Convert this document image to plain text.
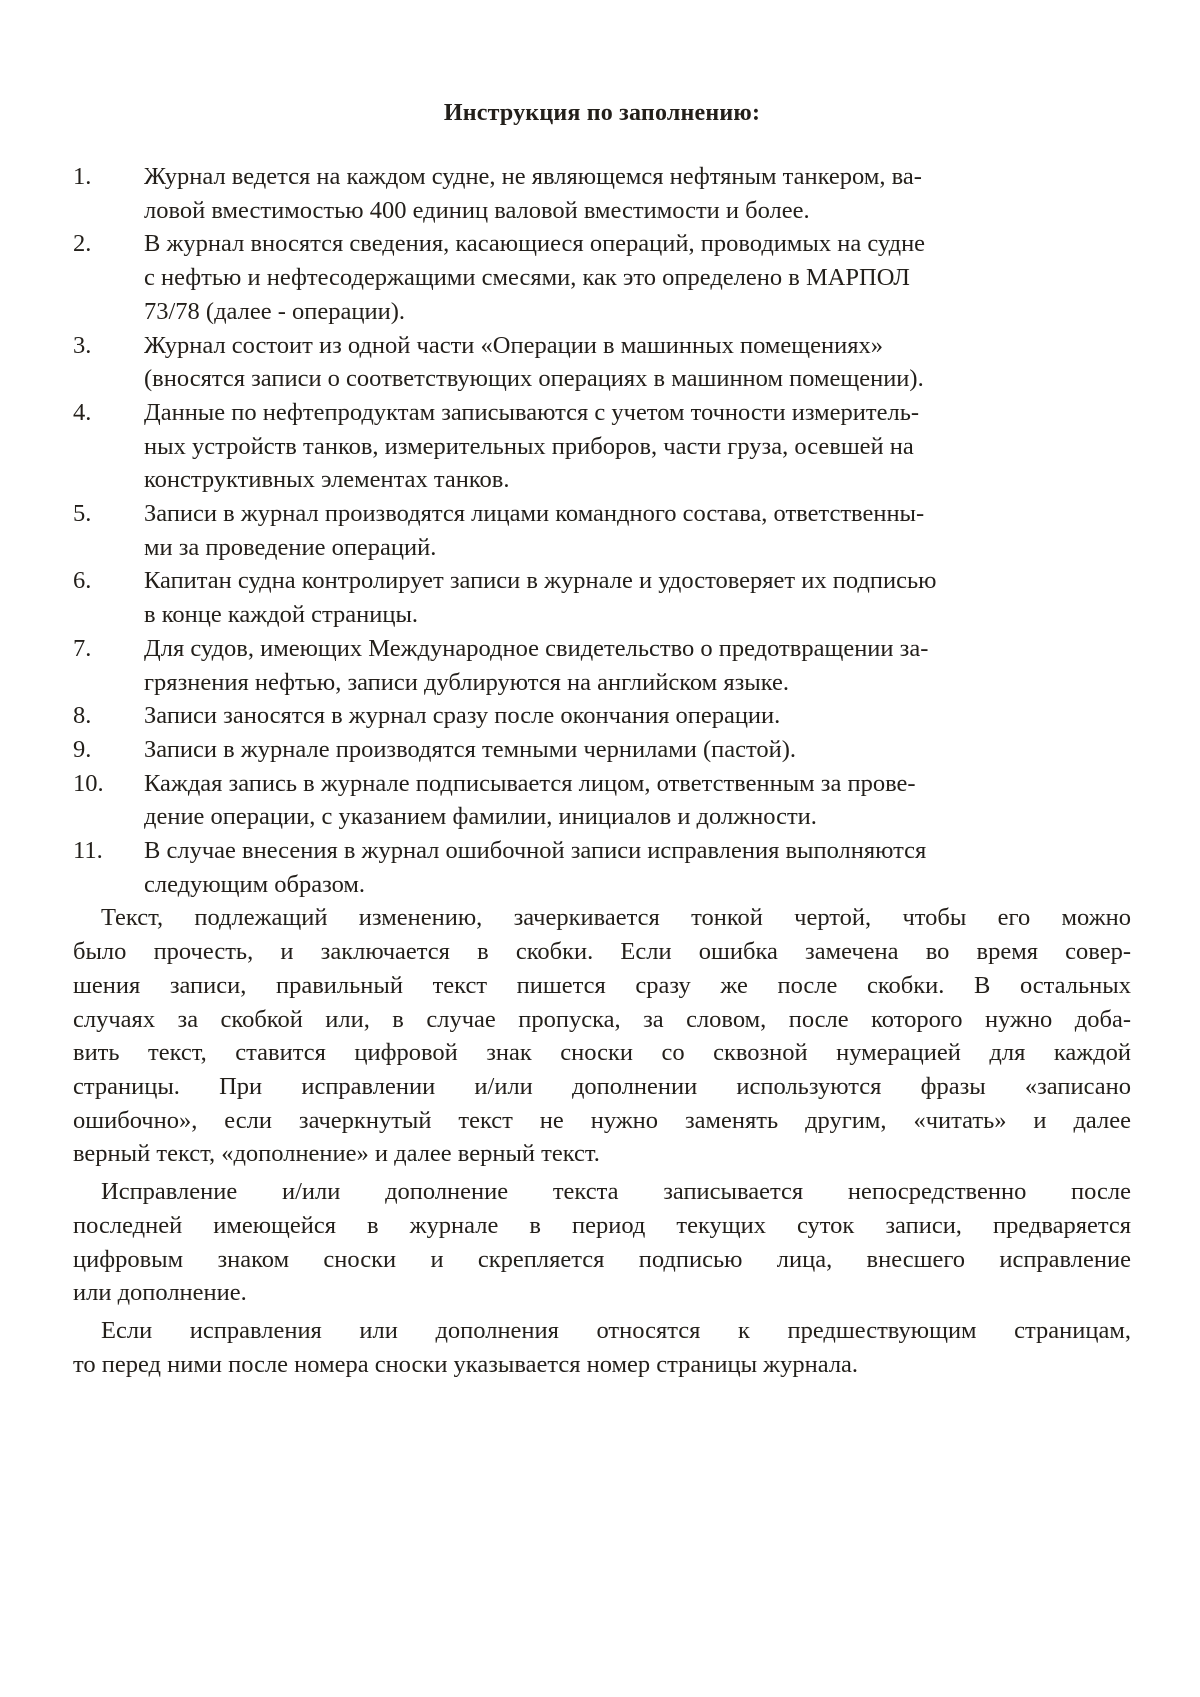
Инструкция по заполнению:
1. Журнал ведется на каждом судне, не являющемся нефтяным танкером, ва-
ловой вместимостью 400 единиц валовой вместимости и более.
2. В журнал вносятся сведения, касающиеся операций, проводимых на судне
с нефтью и нефтесодержащими смесями, как это определено в МАРПОЛ
73/78 (далее - операции).
3. Журнал состоит из одной части «Операции в машинных помещениях»
(вносятся записи о соответствующих операциях в машинном помещении).
4. Данные по нефтепродуктам записываются с учетом точности измеритель-
ных устройств танков, измерительных приборов, части груза, осевшей на
конструктивных элементах танков.
5. Записи в журнал производятся лицами командного состава, ответственны-
ми за проведение операций.
6. Капитан судна контролирует записи в журнале и удостоверяет их подписью
в конце каждой страницы.
7. Для судов, имеющих Международное свидетельство о предотвращении за-
грязнения нефтью, записи дублируются на английском языке.
8. Записи заносятся в журнал сразу после окончания операции.
9. Записи в журнале производятся темными чернилами (пастой).
10. Каждая запись в журнале подписывается лицом, ответственным за прове-
дение операции, с указанием фамилии, инициалов и должности.
11. В случае внесения в журнал ошибочной записи исправления выполняются
следующим образом.

Текст, подлежащий изменению, зачеркивается тонкой чертой, чтобы его можно
было прочесть, и заключается в скобки. Если ошибка замечена во время совер-
шения записи, правильный текст пишется сразу же после скобки. В остальных
случаях за скобкой или, в случае пропуска, за словом, после которого нужно доба-
вить текст, ставится цифровой знак сноски со сквозной нумерацией для каждой
страницы. При исправлении и/или дополнении используются фразы «записано
ошибочно», если зачеркнутый текст не нужно заменять другим, «читать» и далее
верный текст, «дополнение» и далее верный текст.

Исправление и/или дополнение текста записывается непосредственно после
последней имеющейся в журнале в период текущих суток записи, предваряется
цифровым знаком сноски и скрепляется подписью лица, внесшего исправление
или дополнение.

Если исправления или дополнения относятся к предшествующим страницам,
то перед ними после номера сноски указывается номер страницы журнала.
